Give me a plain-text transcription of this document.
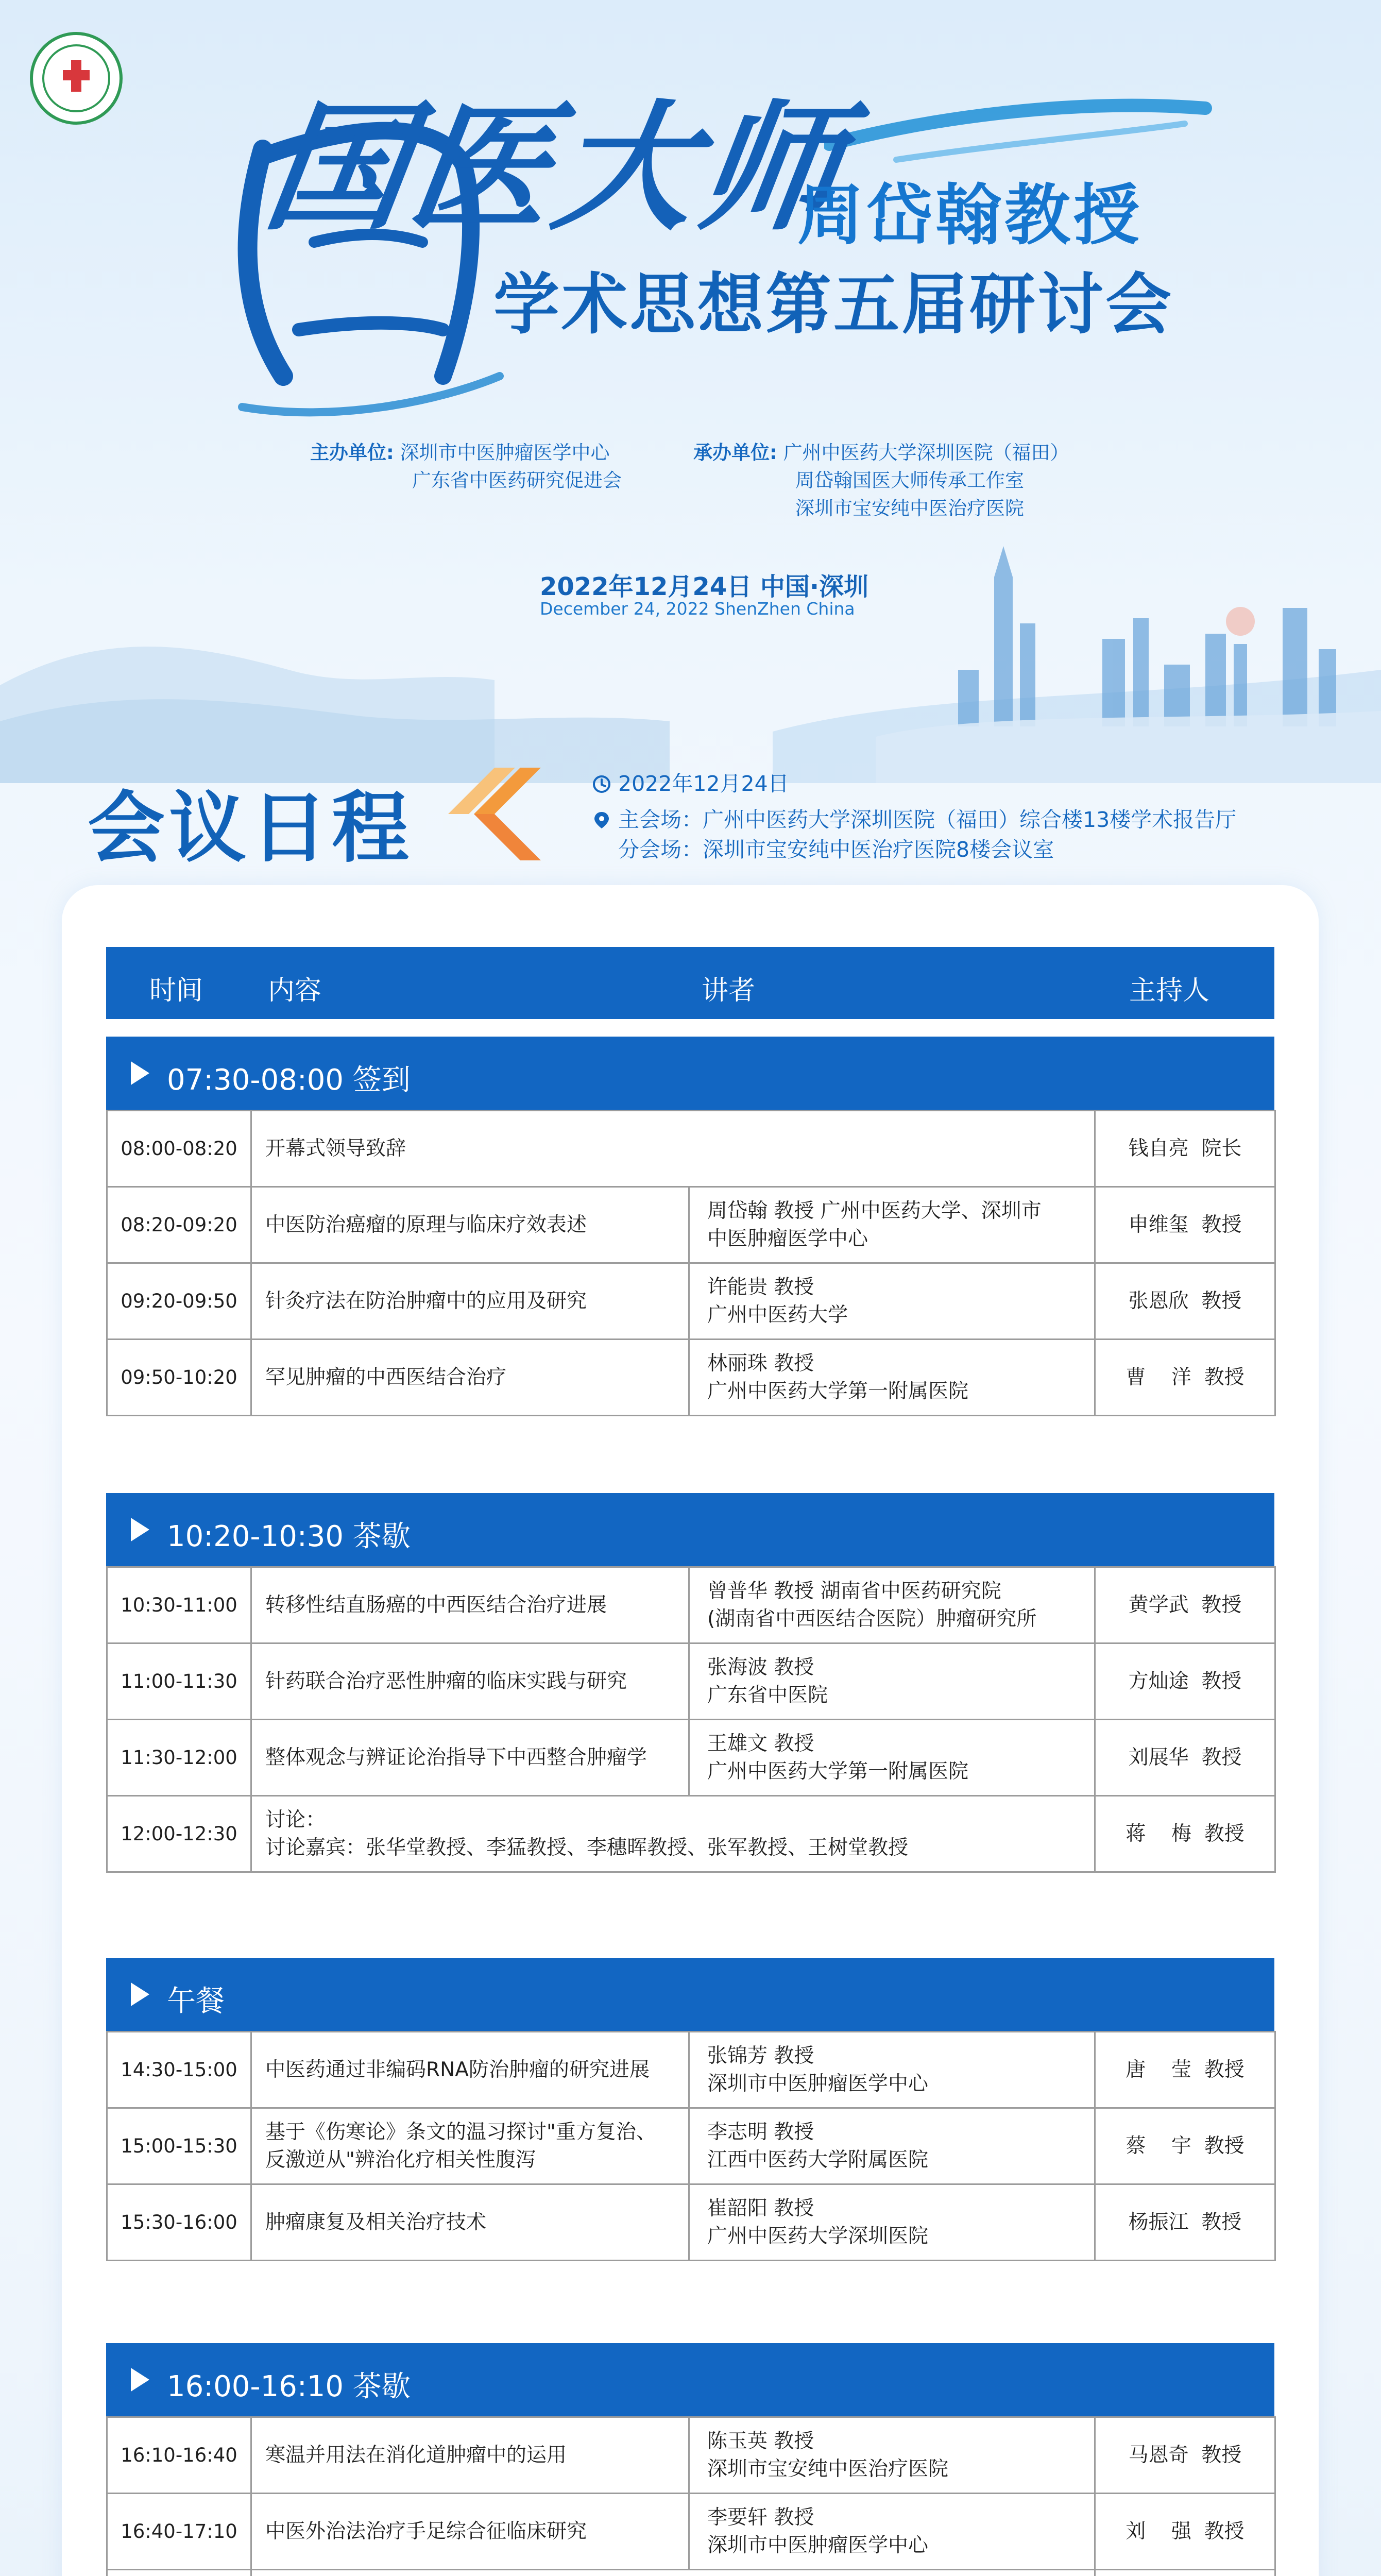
国医大师
周岱翰教授
学术思想第五届研讨会
主办单位: 深圳市中医肿瘤医学中心
广东省中医药研究促进会
承办单位: 广州中医药大学深圳医院（福田）
周岱翰国医大师传承工作室
深圳市宝安纯中医治疗医院
2022年12月24日 中国·深圳
December 24, 2022 ShenZhen China
会议日程	2022年12月24日
主会场：广州中医药大学深圳医院（福田）综合楼13楼学术报告厅
分会场：深圳市宝安纯中医治疗医院8楼会议室
时间 内容	讲者	主持人
07:30-08:00 签到
08:00-08:20	开幕式领导致辞		钱自亮  院长
08:20-09:20	中医防治癌瘤的原理与临床疗效表述	周岱翰 教授 广州中医药大学、深圳市
中医肿瘤医学中心	申维玺  教授
09:20-09:50	针灸疗法在防治肿瘤中的应用及研究	许能贵 教授
广州中医药大学	张恩欣  教授
09:50-10:20	罕见肿瘤的中西医结合治疗	林丽珠 教授
广州中医药大学第一附属医院	曹    洋  教授
10:20-10:30 茶歇
10:30-11:00	转移性结直肠癌的中西医结合治疗进展	曾普华 教授 湖南省中医药研究院
(湖南省中西医结合医院）肿瘤研究所	黄学武  教授
11:00-11:30	针药联合治疗恶性肿瘤的临床实践与研究	张海波 教授
广东省中医院	方灿途  教授
11:30-12:00	整体观念与辨证论治指导下中西整合肿瘤学	王雄文 教授
广州中医药大学第一附属医院	刘展华  教授
12:00-12:30	讨论：
讨论嘉宾：张华堂教授、李猛教授、李穗晖教授、张军教授、王树堂教授		蒋    梅  教授
午餐
14:30-15:00	中医药通过非编码RNA防治肿瘤的研究进展	张锦芳 教授
深圳市中医肿瘤医学中心	唐    莹  教授
15:00-15:30	基于《伤寒论》条文的温习探讨"重方复治、
反激逆从"辨治化疗相关性腹泻	李志明 教授
江西中医药大学附属医院	蔡    宇  教授
15:30-16:00	肿瘤康复及相关治疗技术	崔韶阳 教授
广州中医药大学深圳医院	杨振江  教授
16:00-16:10 茶歇
16:10-16:40	寒温并用法在消化道肿瘤中的运用	陈玉英 教授
深圳市宝安纯中医治疗医院	马恩奇  教授
16:40-17:10	中医外治法治疗手足综合征临床研究	李要轩 教授
深圳市中医肿瘤医学中心	刘    强  教授
